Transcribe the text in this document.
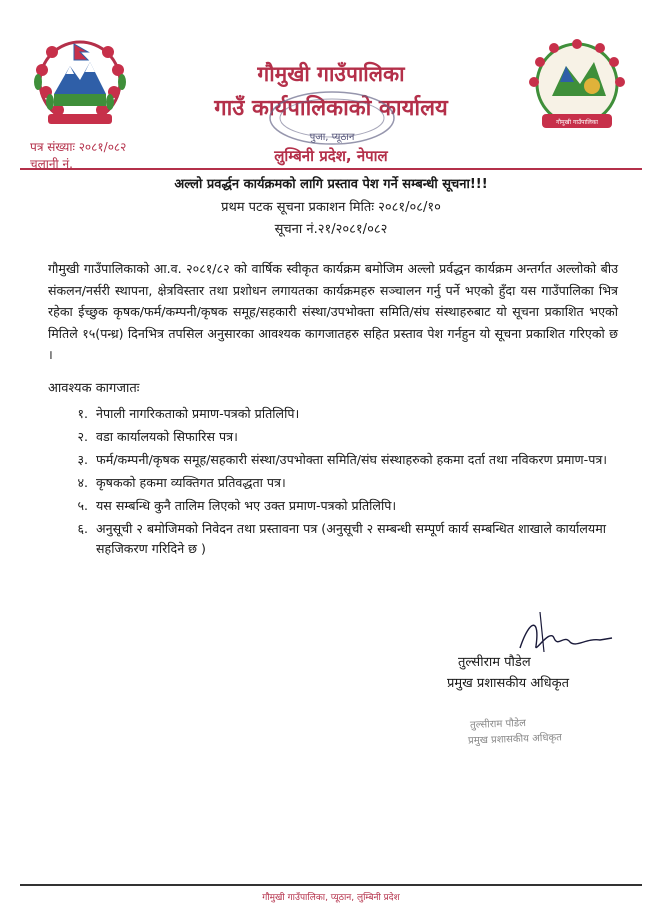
गौमुखी गाउँपालिका
गौमुखी गाउँपालिका
गाउँ कार्यपालिकाको कार्यालय
पुजा, प्यूठान
लुम्बिनी प्रदेश, नेपाल
पत्र संख्याः २०८१/०८२
चलानी नं.
अल्लो प्रवर्द्धन कार्यक्रमको लागि प्रस्ताव पेश गर्ने सम्बन्धी सूचना!!!
प्रथम पटक सूचना प्रकाशन मितिः २०८१/०८/१०
सूचना नं.२१/२०८१/०८२
गौमुखी गाउँपालिकाको आ.व. २०८१/८२ को वार्षिक स्वीकृत कार्यक्रम बमोजिम अल्लो प्रर्वद्धन कार्यक्रम अन्तर्गत अल्लोको बीउ संकलन/नर्सरी स्थापना, क्षेत्रविस्तार तथा प्रशोधन लगायतका कार्यक्रमहरु सञ्चालन गर्नु पर्ने भएको हुँदा यस गाउँपालिका भित्र रहेका ईच्छुक कृषक/फर्म/कम्पनी/कृषक समूह/सहकारी संस्था/उपभोक्ता समिति/संघ संस्थाहरुबाट यो सूचना प्रकाशित भएको मितिले १५(पन्ध्र) दिनभित्र तपसिल अनुसारका आवश्यक कागजातहरु सहित प्रस्ताव पेश गर्नहुन यो सूचना प्रकाशित गरिएको छ ।
आवश्यक कागजातः
१. नेपाली नागरिकताको प्रमाण-पत्रको प्रतिलिपि।
२. वडा कार्यालयको सिफारिस पत्र।
३. फर्म/कम्पनी/कृषक समूह/सहकारी संस्था/उपभोक्ता समिति/संघ संस्थाहरुको हकमा दर्ता तथा नविकरण प्रमाण-पत्र।
४. कृषकको हकमा व्यक्तिगत प्रतिवद्धता पत्र।
५. यस सम्बन्धि कुनै तालिम लिएको भए उक्त प्रमाण-पत्रको प्रतिलिपि।
६. अनुसूची २ बमोजिमको निवेदन तथा प्रस्तावना पत्र (अनुसूची २ सम्बन्धी सम्पूर्ण कार्य सम्बन्धित शाखाले कार्यालयमा सहजिकरण गरिदिने छ )
तुल्सीराम पौडेल
प्रमुख प्रशासकीय अधिकृत
तुल्सीराम पौडेल
प्रमुख प्रशासकीय अधिकृत
गौमुखी गाउँपालिका, प्यूठान, लुम्बिनी प्रदेश
